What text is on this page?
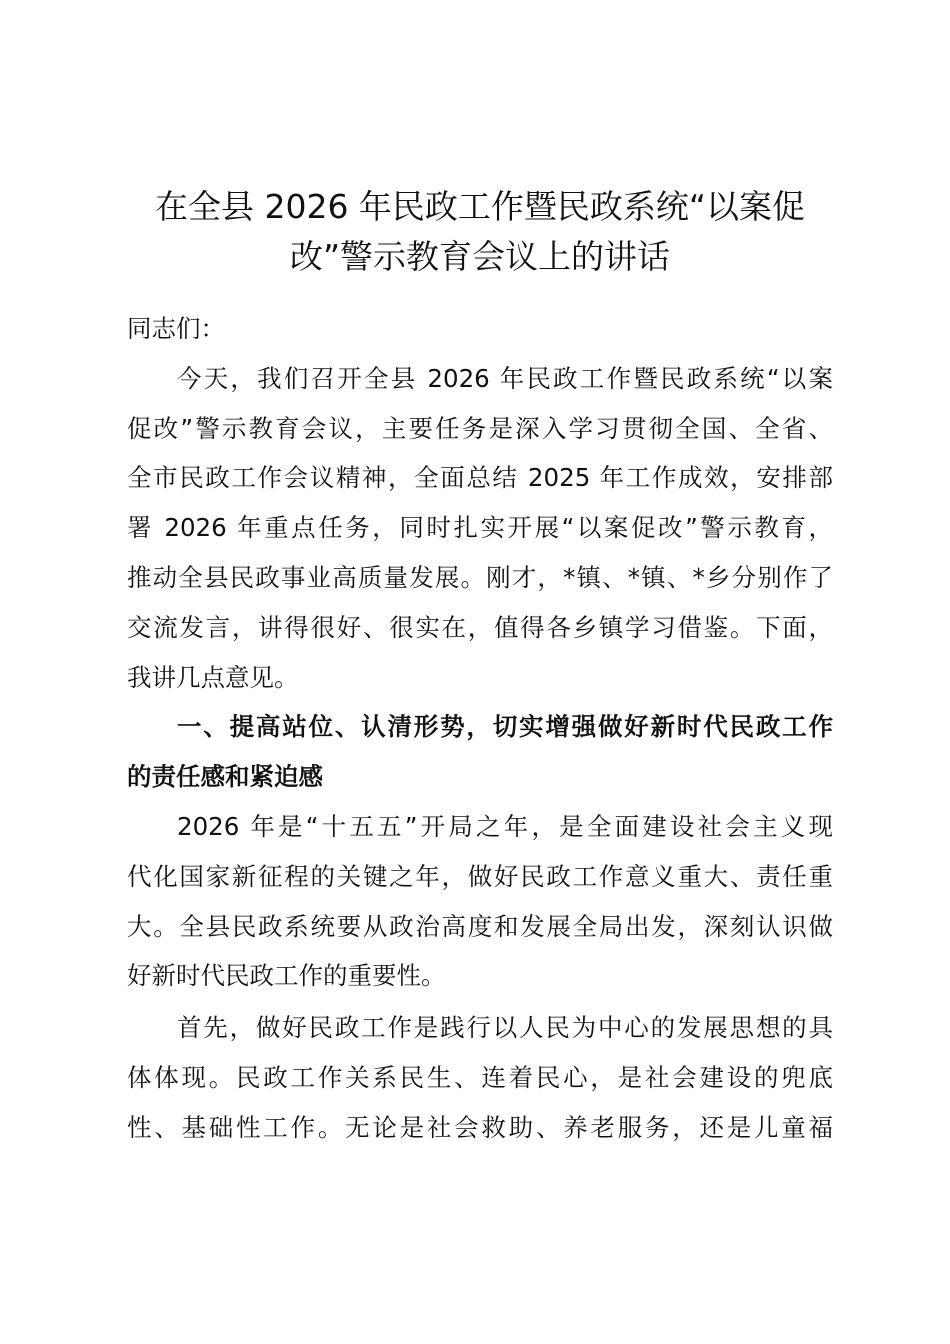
在全县 2026 年民政工作暨民政系统“以案促
改”警示教育会议上的讲话
同志们：
今天，我们召开全县 2026 年民政工作暨民政系统“以案
促改”警示教育会议，主要任务是深入学习贯彻全国、全省、
全市民政工作会议精神，全面总结 2025 年工作成效，安排部
署 2026 年重点任务，同时扎实开展“以案促改”警示教育，
推动全县民政事业高质量发展。刚才，*镇、*镇、*乡分别作了
交流发言，讲得很好、很实在，值得各乡镇学习借鉴。下面，
我讲几点意见。
一、提高站位、认清形势，切实增强做好新时代民政工作
的责任感和紧迫感
2026 年是“十五五”开局之年，是全面建设社会主义现
代化国家新征程的关键之年，做好民政工作意义重大、责任重
大。全县民政系统要从政治高度和发展全局出发，深刻认识做
好新时代民政工作的重要性。
首先，做好民政工作是践行以人民为中心的发展思想的具
体体现。民政工作关系民生、连着民心，是社会建设的兜底
性、基础性工作。无论是社会救助、养老服务，还是儿童福
